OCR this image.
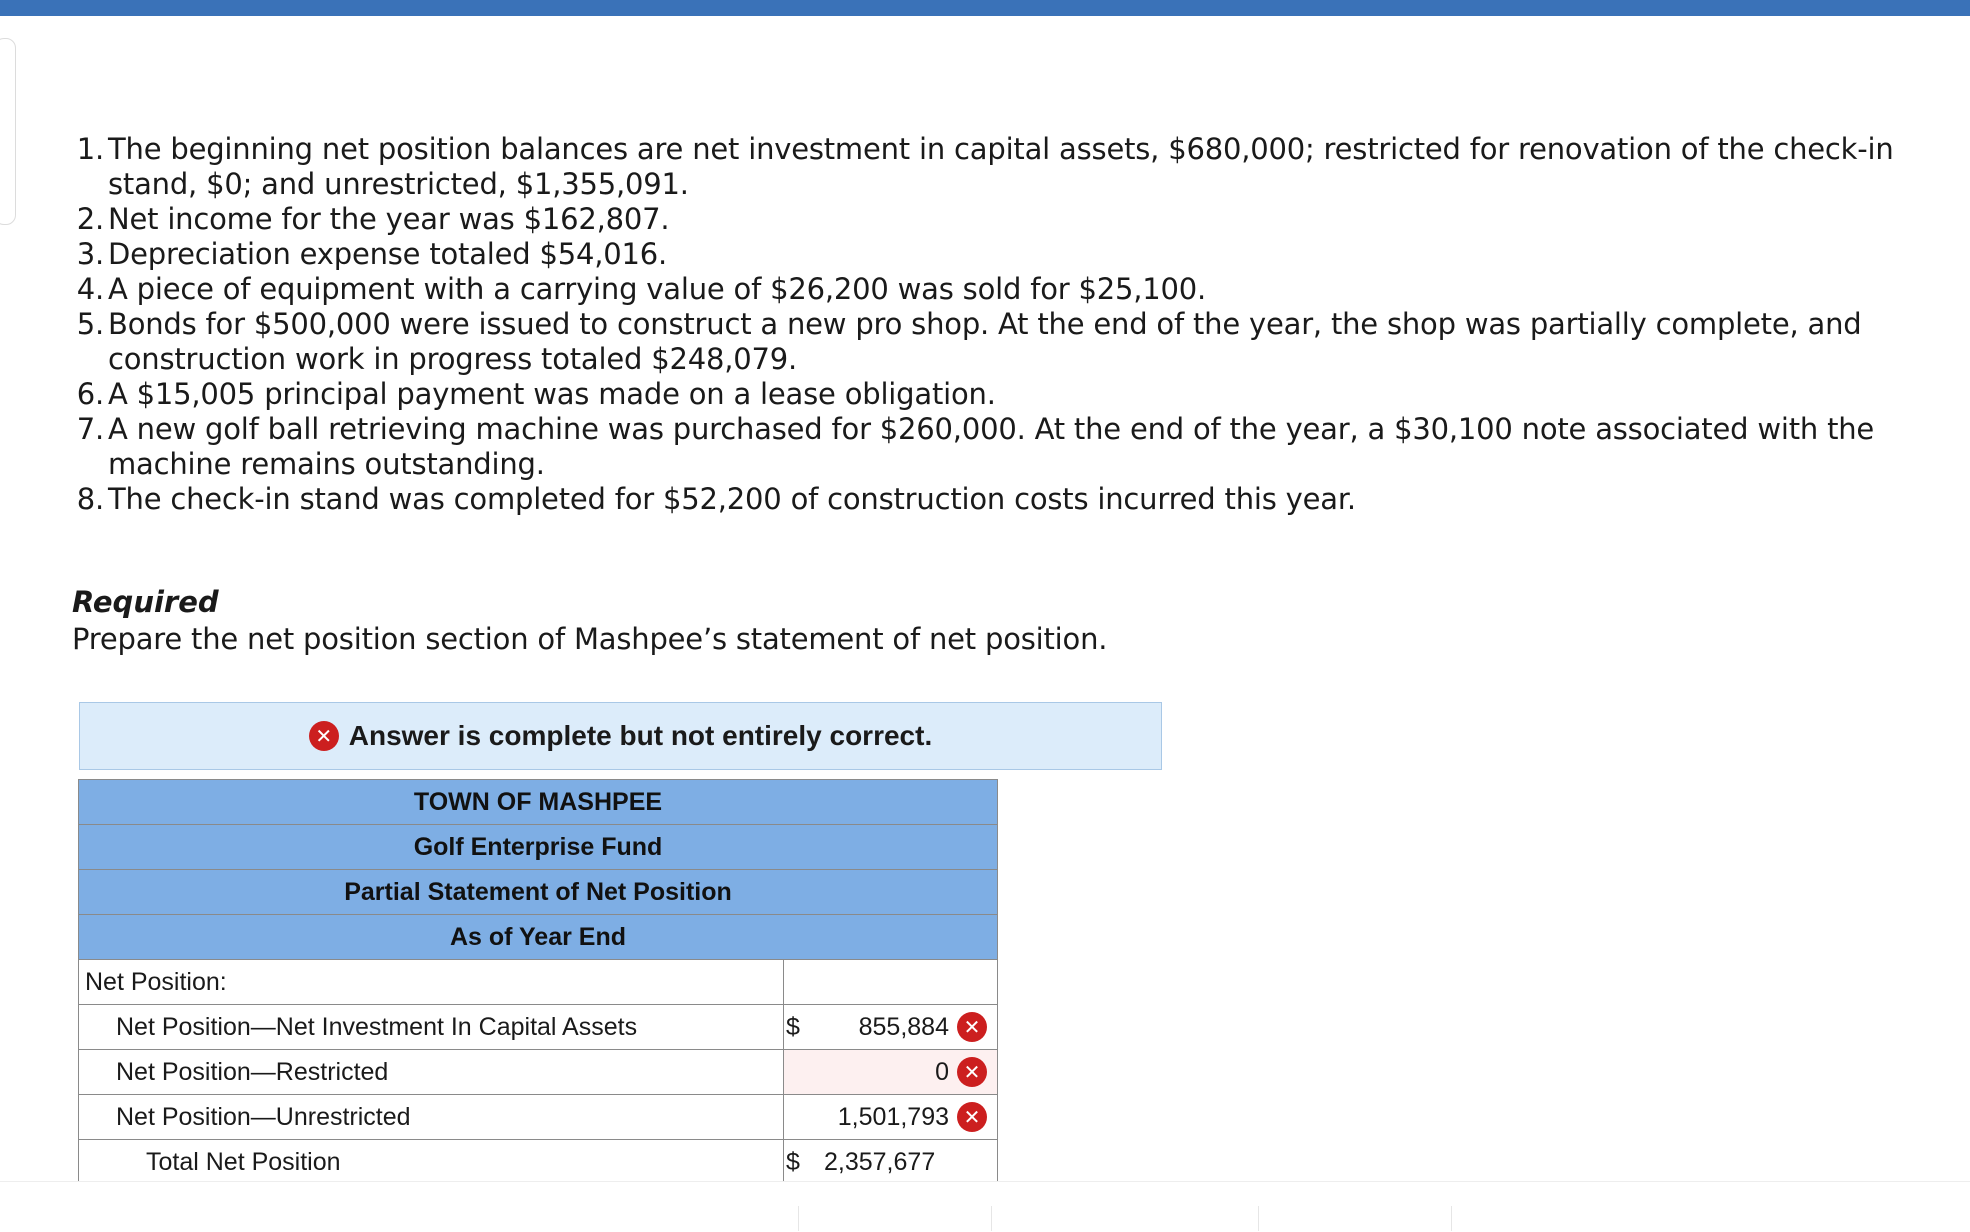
1. The beginning net position balances are net investment in capital assets, $680,000; restricted for renovation of the check-in stand, $0; and unrestricted, $1,355,091.
2. Net income for the year was $162,807.
3. Depreciation expense totaled $54,016.
4. A piece of equipment with a carrying value of $26,200 was sold for $25,100.
5. Bonds for $500,000 were issued to construct a new pro shop. At the end of the year, the shop was partially complete, and construction work in progress totaled $248,079.
6. A $15,005 principal payment was made on a lease obligation.
7. A new golf ball retrieving machine was purchased for $260,000. At the end of the year, a $30,100 note associated with the machine remains outstanding.
8. The check-in stand was completed for $52,200 of construction costs incurred this year.
Required
Prepare the net position section of Mashpee’s statement of net position.
✕ Answer is complete but not entirely correct.
TOWN OF MASHPEE	
Golf Enterprise Fund	
Partial Statement of Net Position	
As of Year End	
Net Position:	
Net Position—Net Investment In Capital Assets	$ 855,884 ✕

Net Position—Restricted	0 ✕

Net Position—Unrestricted	1,501,793 ✕

Total Net Position	$ 2,357,677
